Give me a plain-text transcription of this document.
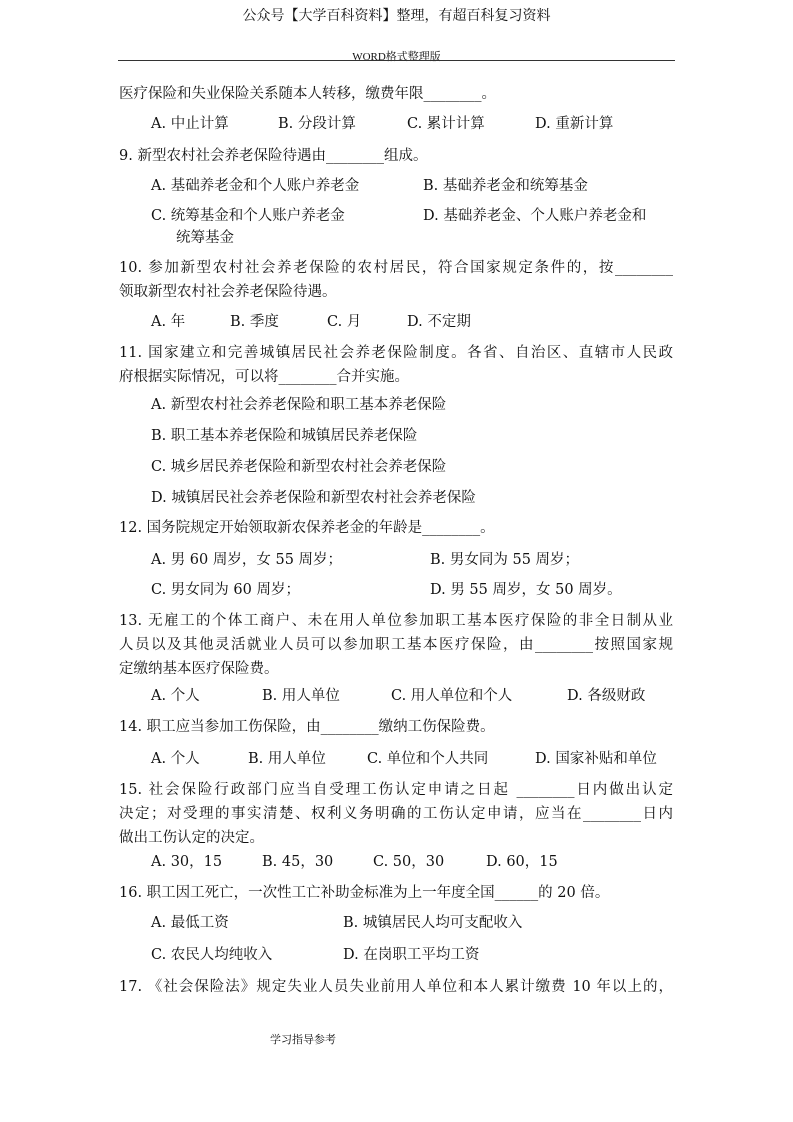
公众号【大学百科资料】整理，有超百科复习资料
WORD格式整理版
医疗保险和失业保险关系随本人转移，缴费年限________。
A. 中止计算	B. 分段计算	C. 累计计算	D. 重新计算
9. 新型农村社会养老保险待遇由________组成。
A. 基础养老金和个人账户养老金	B. 基础养老金和统筹基金
C. 统筹基金和个人账户养老金	D. 基础养老金、个人账户养老金和
统筹基金
10. 参加新型农村社会养老保险的农村居民，符合国家规定条件的，按________
领取新型农村社会养老保险待遇。
A. 年	B. 季度	C. 月	D. 不定期
11. 国家建立和完善城镇居民社会养老保险制度。各省、自治区、直辖市人民政
府根据实际情况，可以将________合并实施。
A. 新型农村社会养老保险和职工基本养老保险
B. 职工基本养老保险和城镇居民养老保险
C. 城乡居民养老保险和新型农村社会养老保险
D. 城镇居民社会养老保险和新型农村社会养老保险
12. 国务院规定开始领取新农保养老金的年龄是________。
A. 男 60 周岁，女 55 周岁；	B. 男女同为 55 周岁；
C. 男女同为 60 周岁；	D. 男 55 周岁，女 50 周岁。
13. 无雇工的个体工商户、未在用人单位参加职工基本医疗保险的非全日制从业
人员以及其他灵活就业人员可以参加职工基本医疗保险，由________按照国家规
定缴纳基本医疗保险费。
A. 个人	B. 用人单位	C. 用人单位和个人	D. 各级财政
14. 职工应当参加工伤保险，由________缴纳工伤保险费。
A. 个人	B. 用人单位	C. 单位和个人共同	D. 国家补贴和单位
15. 社会保险行政部门应当自受理工伤认定申请之日起 ________日内做出认定
决定；对受理的事实清楚、权利义务明确的工伤认定申请，应当在________日内
做出工伤认定的决定。
A. 30，15	B. 45，30	C. 50，30	D. 60，15
16. 职工因工死亡，一次性工亡补助金标准为上一年度全国______的 20 倍。
A. 最低工资	B. 城镇居民人均可支配收入
C. 农民人均纯收入	D. 在岗职工平均工资
17. 《社会保险法》规定失业人员失业前用人单位和本人累计缴费 10 年以上的，
学习指导参考
